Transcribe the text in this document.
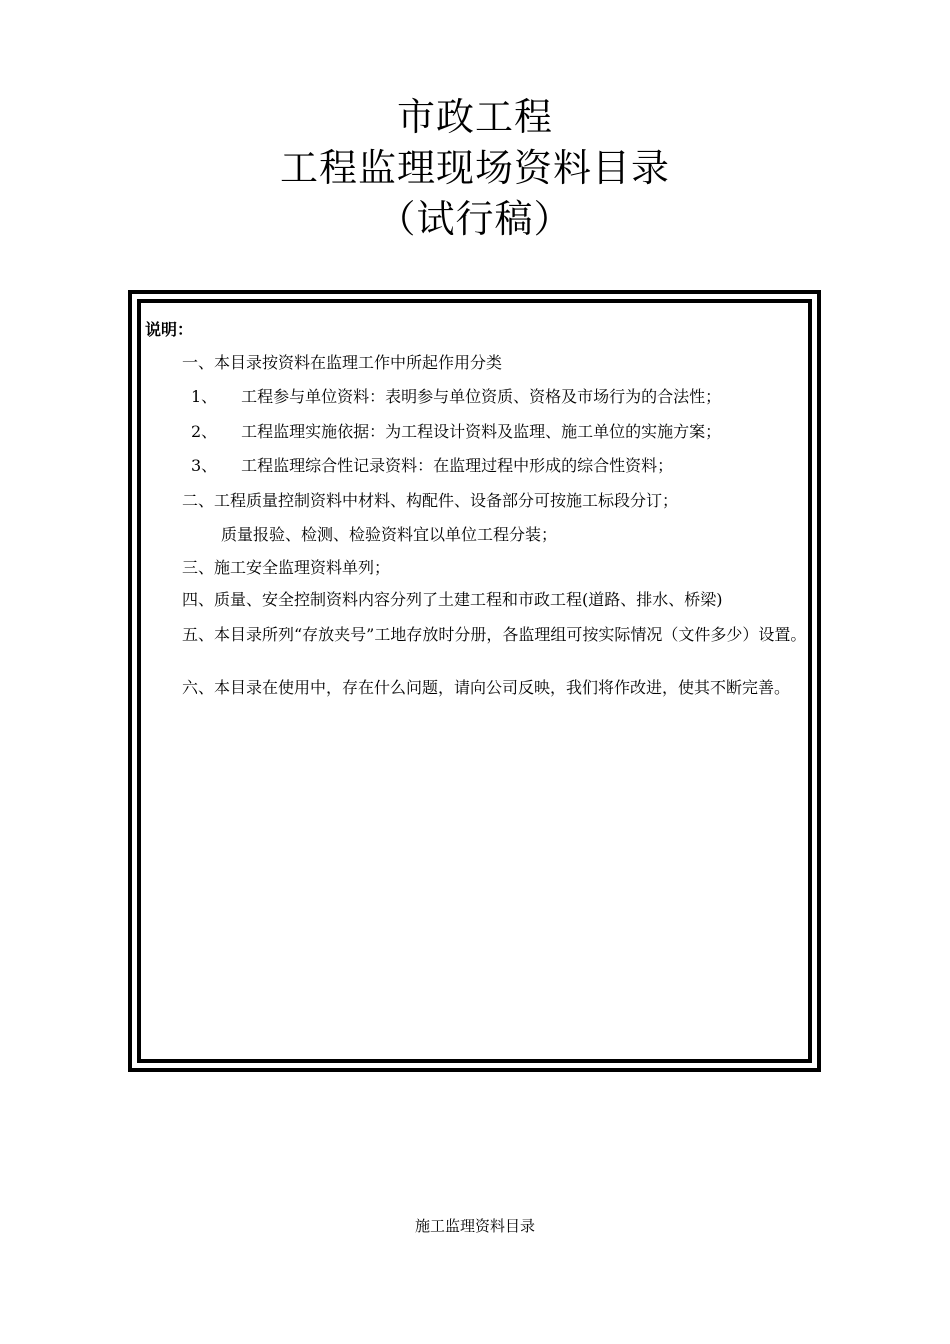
市政工程
工程监理现场资料目录
（试行稿）
说明：
一、本目录按资料在监理工作中所起作用分类
1、　　工程参与单位资料：表明参与单位资质、资格及市场行为的合法性；
2、　　工程监理实施依据：为工程设计资料及监理、施工单位的实施方案；
3、　　工程监理综合性记录资料：在监理过程中形成的综合性资料；
二、工程质量控制资料中材料、构配件、设备部分可按施工标段分订；
质量报验、检测、检验资料宜以单位工程分装；
三、施工安全监理资料单列；
四、质量、安全控制资料内容分列了土建工程和市政工程(道路、排水、桥梁)
五、本目录所列“存放夹号”工地存放时分册，各监理组可按实际情况（文件多少）设置。
六、本目录在使用中，存在什么问题，请向公司反映，我们将作改进，使其不断完善。
施工监理资料目录
